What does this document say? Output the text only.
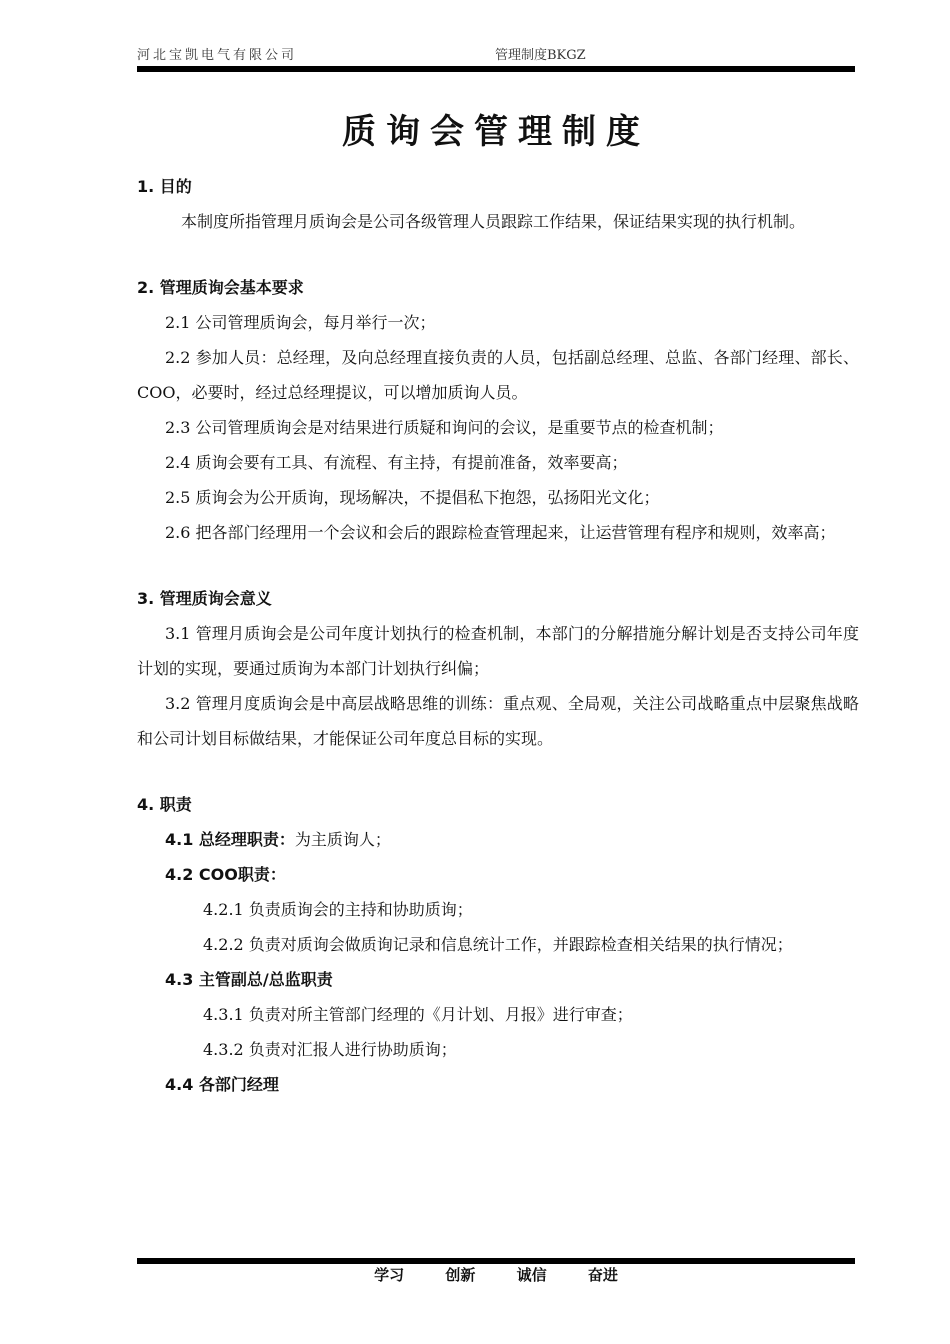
河北宝凯电气有限公司	管理制度BKGZ
质询会管理制度

1. 目的

本制度所指管理月质询会是公司各级管理人员跟踪工作结果，保证结果实现的执行机制。

2. 管理质询会基本要求

2.1 公司管理质询会，每月举行一次；

2.2 参加人员：总经理，及向总经理直接负责的人员，包括副总经理、总监、各部门经理、部长、COO，必要时，经过总经理提议，可以增加质询人员。

2.3 公司管理质询会是对结果进行质疑和询问的会议，是重要节点的检查机制；

2.4 质询会要有工具、有流程、有主持，有提前准备，效率要高；

2.5 质询会为公开质询，现场解决，不提倡私下抱怨，弘扬阳光文化；

2.6 把各部门经理用一个会议和会后的跟踪检查管理起来，让运营管理有程序和规则，效率高；

3. 管理质询会意义

3.1 管理月质询会是公司年度计划执行的检查机制，本部门的分解措施分解计划是否支持公司年度计划的实现，要通过质询为本部门计划执行纠偏；

3.2 管理月度质询会是中高层战略思维的训练：重点观、全局观，关注公司战略重点中层聚焦战略和公司计划目标做结果，才能保证公司年度总目标的实现。

4. 职责

4.1 总经理职责：为主质询人；

4.2 COO职责：

4.2.1 负责质询会的主持和协助质询；

4.2.2 负责对质询会做质询记录和信息统计工作，并跟踪检查相关结果的执行情况；

4.3 主管副总/总监职责

4.3.1 负责对所主管部门经理的《月计划、月报》进行审查；

4.3.2 负责对汇报人进行协助质询；

4.4 各部门经理

学习	创新	诚信	奋进
